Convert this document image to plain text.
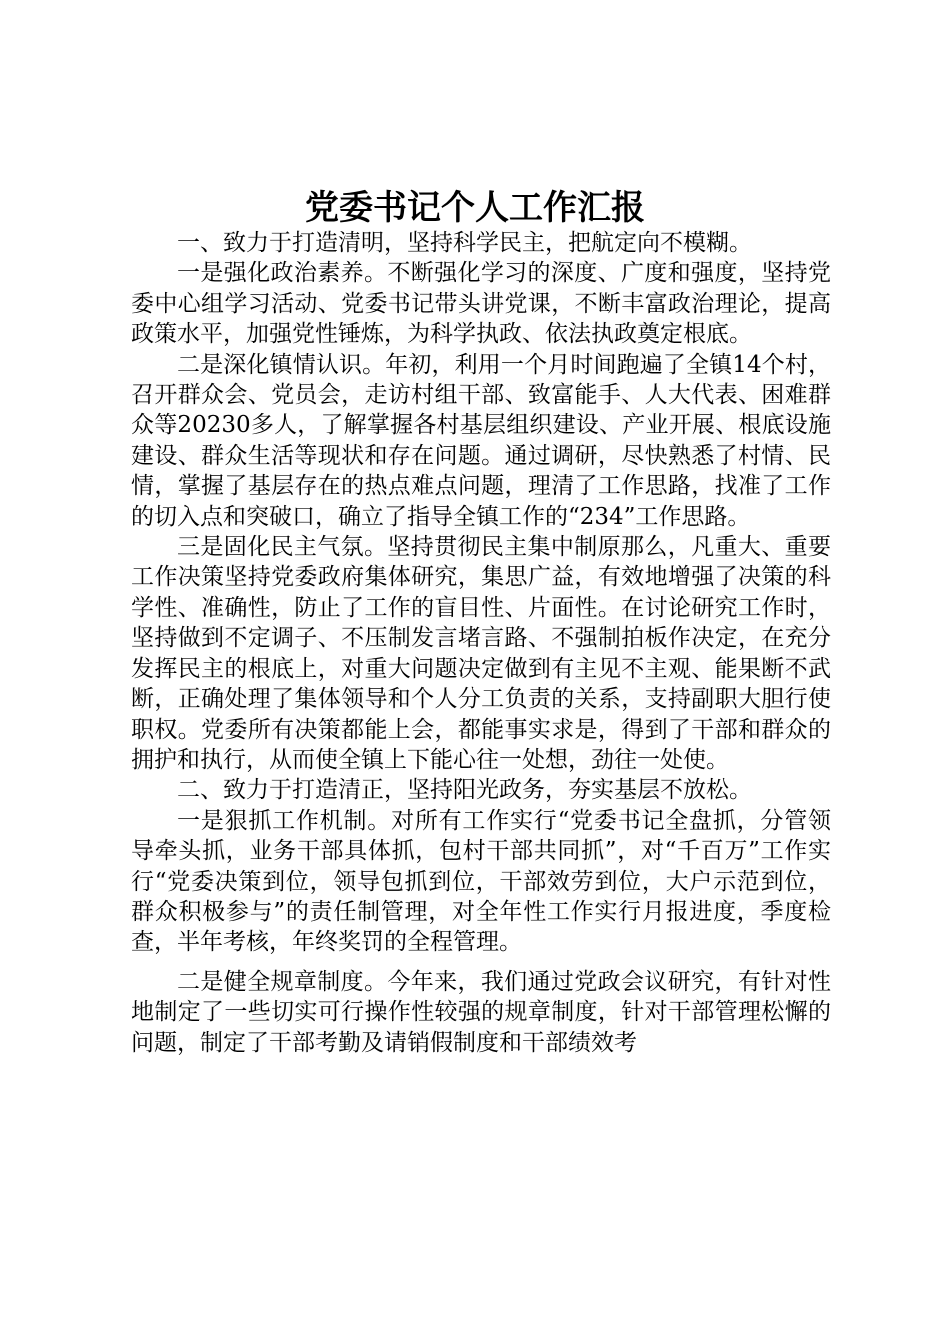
党委书记个人工作汇报

一、致力于打造清明，坚持科学民主，把航定向不模糊。

一是强化政治素养。不断强化学习的深度、广度和强度，坚持党委中心组学习活动、党委书记带头讲党课，不断丰富政治理论，提高政策水平，加强党性锤炼，为科学执政、依法执政奠定根底。

二是深化镇情认识。年初，利用一个月时间跑遍了全镇14个村，召开群众会、党员会，走访村组干部、致富能手、人大代表、困难群众等20230多人，了解掌握各村基层组织建设、产业开展、根底设施建设、群众生活等现状和存在问题。通过调研，尽快熟悉了村情、民情，掌握了基层存在的热点难点问题，理清了工作思路，找准了工作的切入点和突破口，确立了指导全镇工作的“234”工作思路。

三是固化民主气氛。坚持贯彻民主集中制原那么，凡重大、重要工作决策坚持党委政府集体研究，集思广益，有效地增强了决策的科学性、准确性，防止了工作的盲目性、片面性。在讨论研究工作时，坚持做到不定调子、不压制发言堵言路、不强制拍板作决定，在充分发挥民主的根底上，对重大问题决定做到有主见不主观、能果断不武断，正确处理了集体领导和个人分工负责的关系，支持副职大胆行使职权。党委所有决策都能上会，都能事实求是，得到了干部和群众的拥护和执行，从而使全镇上下能心往一处想，劲往一处使。

二、致力于打造清正，坚持阳光政务，夯实基层不放松。

一是狠抓工作机制。对所有工作实行“党委书记全盘抓，分管领导牵头抓，业务干部具体抓，包村干部共同抓”，对“千百万”工作实行“党委决策到位，领导包抓到位，干部效劳到位，大户示范到位，群众积极参与”的责任制管理，对全年性工作实行月报进度，季度检查，半年考核，年终奖罚的全程管理。

二是健全规章制度。今年来，我们通过党政会议研究，有针对性地制定了一些切实可行操作性较强的规章制度，针对干部管理松懈的问题，制定了干部考勤及请销假制度和干部绩效考
